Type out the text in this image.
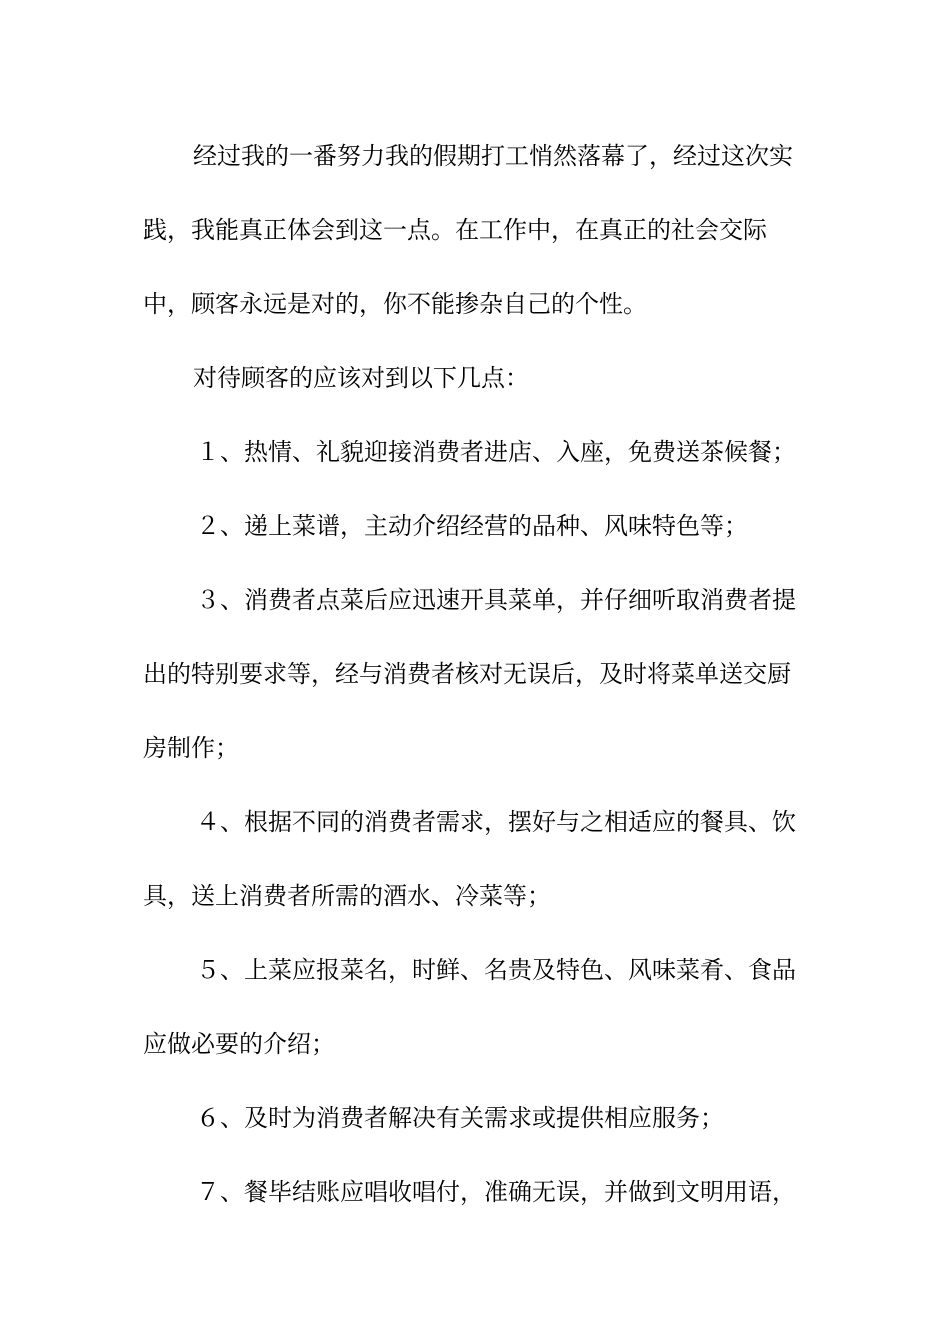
经过我的一番努力我的假期打工悄然落幕了，经过这次实践，我能真正体会到这一点。在工作中，在真正的社会交际中，顾客永远是对的，你不能掺杂自己的个性。

对待顾客的应该对到以下几点：

１、热情、礼貌迎接消费者进店、入座，免费送茶候餐；

２、递上菜谱，主动介绍经营的品种、风味特色等；

３、消费者点菜后应迅速开具菜单，并仔细听取消费者提出的特别要求等，经与消费者核对无误后，及时将菜单送交厨房制作；

４、根据不同的消费者需求，摆好与之相适应的餐具、饮具，送上消费者所需的酒水、冷菜等；

５、上菜应报菜名，时鲜、名贵及特色、风味菜肴、食品应做必要的介绍；

６、及时为消费者解决有关需求或提供相应服务；

７、餐毕结账应唱收唱付，准确无误，并做到文明用语，
